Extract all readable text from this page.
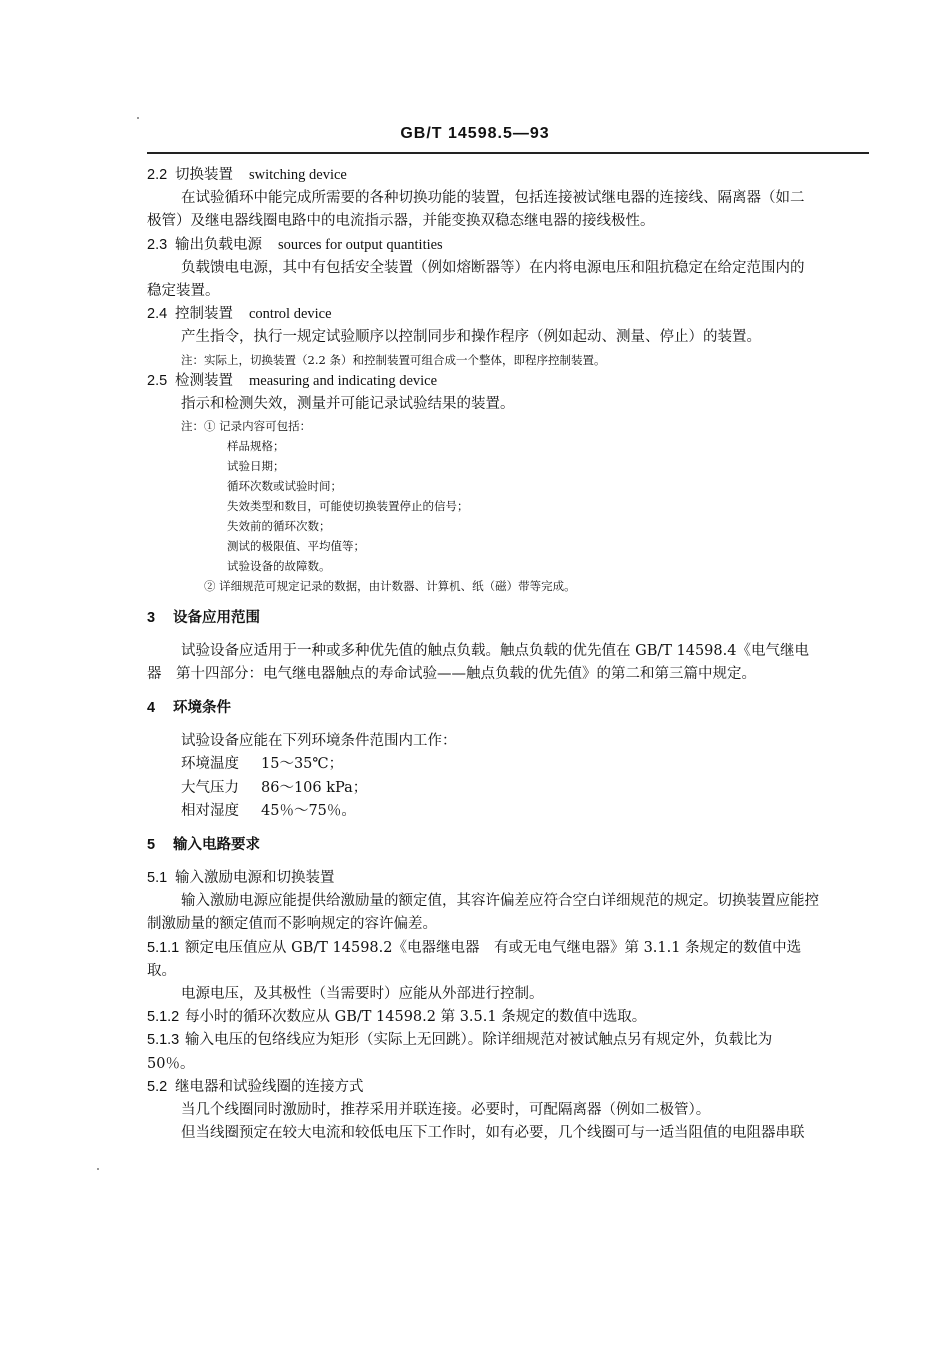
GB/T 14598.5—93
2.2 切换装置 switching device
在试验循环中能完成所需要的各种切换功能的装置，包括连接被试继电器的连接线、隔离器（如二
极管）及继电器线圈电路中的电流指示器，并能变换双稳态继电器的接线极性。
2.3 输出负载电源 sources for output quantities
负载馈电电源，其中有包括安全装置（例如熔断器等）在内将电源电压和阻抗稳定在给定范围内的
稳定装置。
2.4 控制装置 control device
产生指令，执行一规定试验顺序以控制同步和操作程序（例如起动、测量、停止）的装置。
注：实际上，切换装置（2.2 条）和控制装置可组合成一个整体，即程序控制装置。
2.5 检测装置 measuring and indicating device
指示和检测失效，测量并可能记录试验结果的装置。
注：① 记录内容可包括：
样品规格；
试验日期；
循环次数或试验时间；
失效类型和数目，可能使切换装置停止的信号；
失效前的循环次数；
测试的极限值、平均值等；
试验设备的故障数。
② 详细规范可规定记录的数据，由计数器、计算机、纸（磁）带等完成。
3 设备应用范围
试验设备应适用于一种或多种优先值的触点负载。触点负载的优先值在 GB/T 14598.4《电气继电
器　第十四部分：电气继电器触点的寿命试验——触点负载的优先值》的第二和第三篇中规定。
4 环境条件
试验设备应能在下列环境条件范围内工作：
环境温度 15～35℃；
大气压力 86～106 kPa；
相对湿度 45％～75％。
5 输入电路要求
5.1 输入激励电源和切换装置
输入激励电源应能提供给激励量的额定值，其容许偏差应符合空白详细规范的规定。切换装置应能控
制激励量的额定值而不影响规定的容许偏差。
5.1.1 额定电压值应从 GB/T 14598.2《电器继电器　有或无电气继电器》第 3.1.1 条规定的数值中选
取。
电源电压，及其极性（当需要时）应能从外部进行控制。
5.1.2 每小时的循环次数应从 GB/T 14598.2 第 3.5.1 条规定的数值中选取。
5.1.3 输入电压的包络线应为矩形（实际上无回跳）。除详细规范对被试触点另有规定外，负载比为
50％。
5.2 继电器和试验线圈的连接方式
当几个线圈同时激励时，推荐采用并联连接。必要时，可配隔离器（例如二极管）。
但当线圈预定在较大电流和较低电压下工作时，如有必要，几个线圈可与一适当阻值的电阻器串联
